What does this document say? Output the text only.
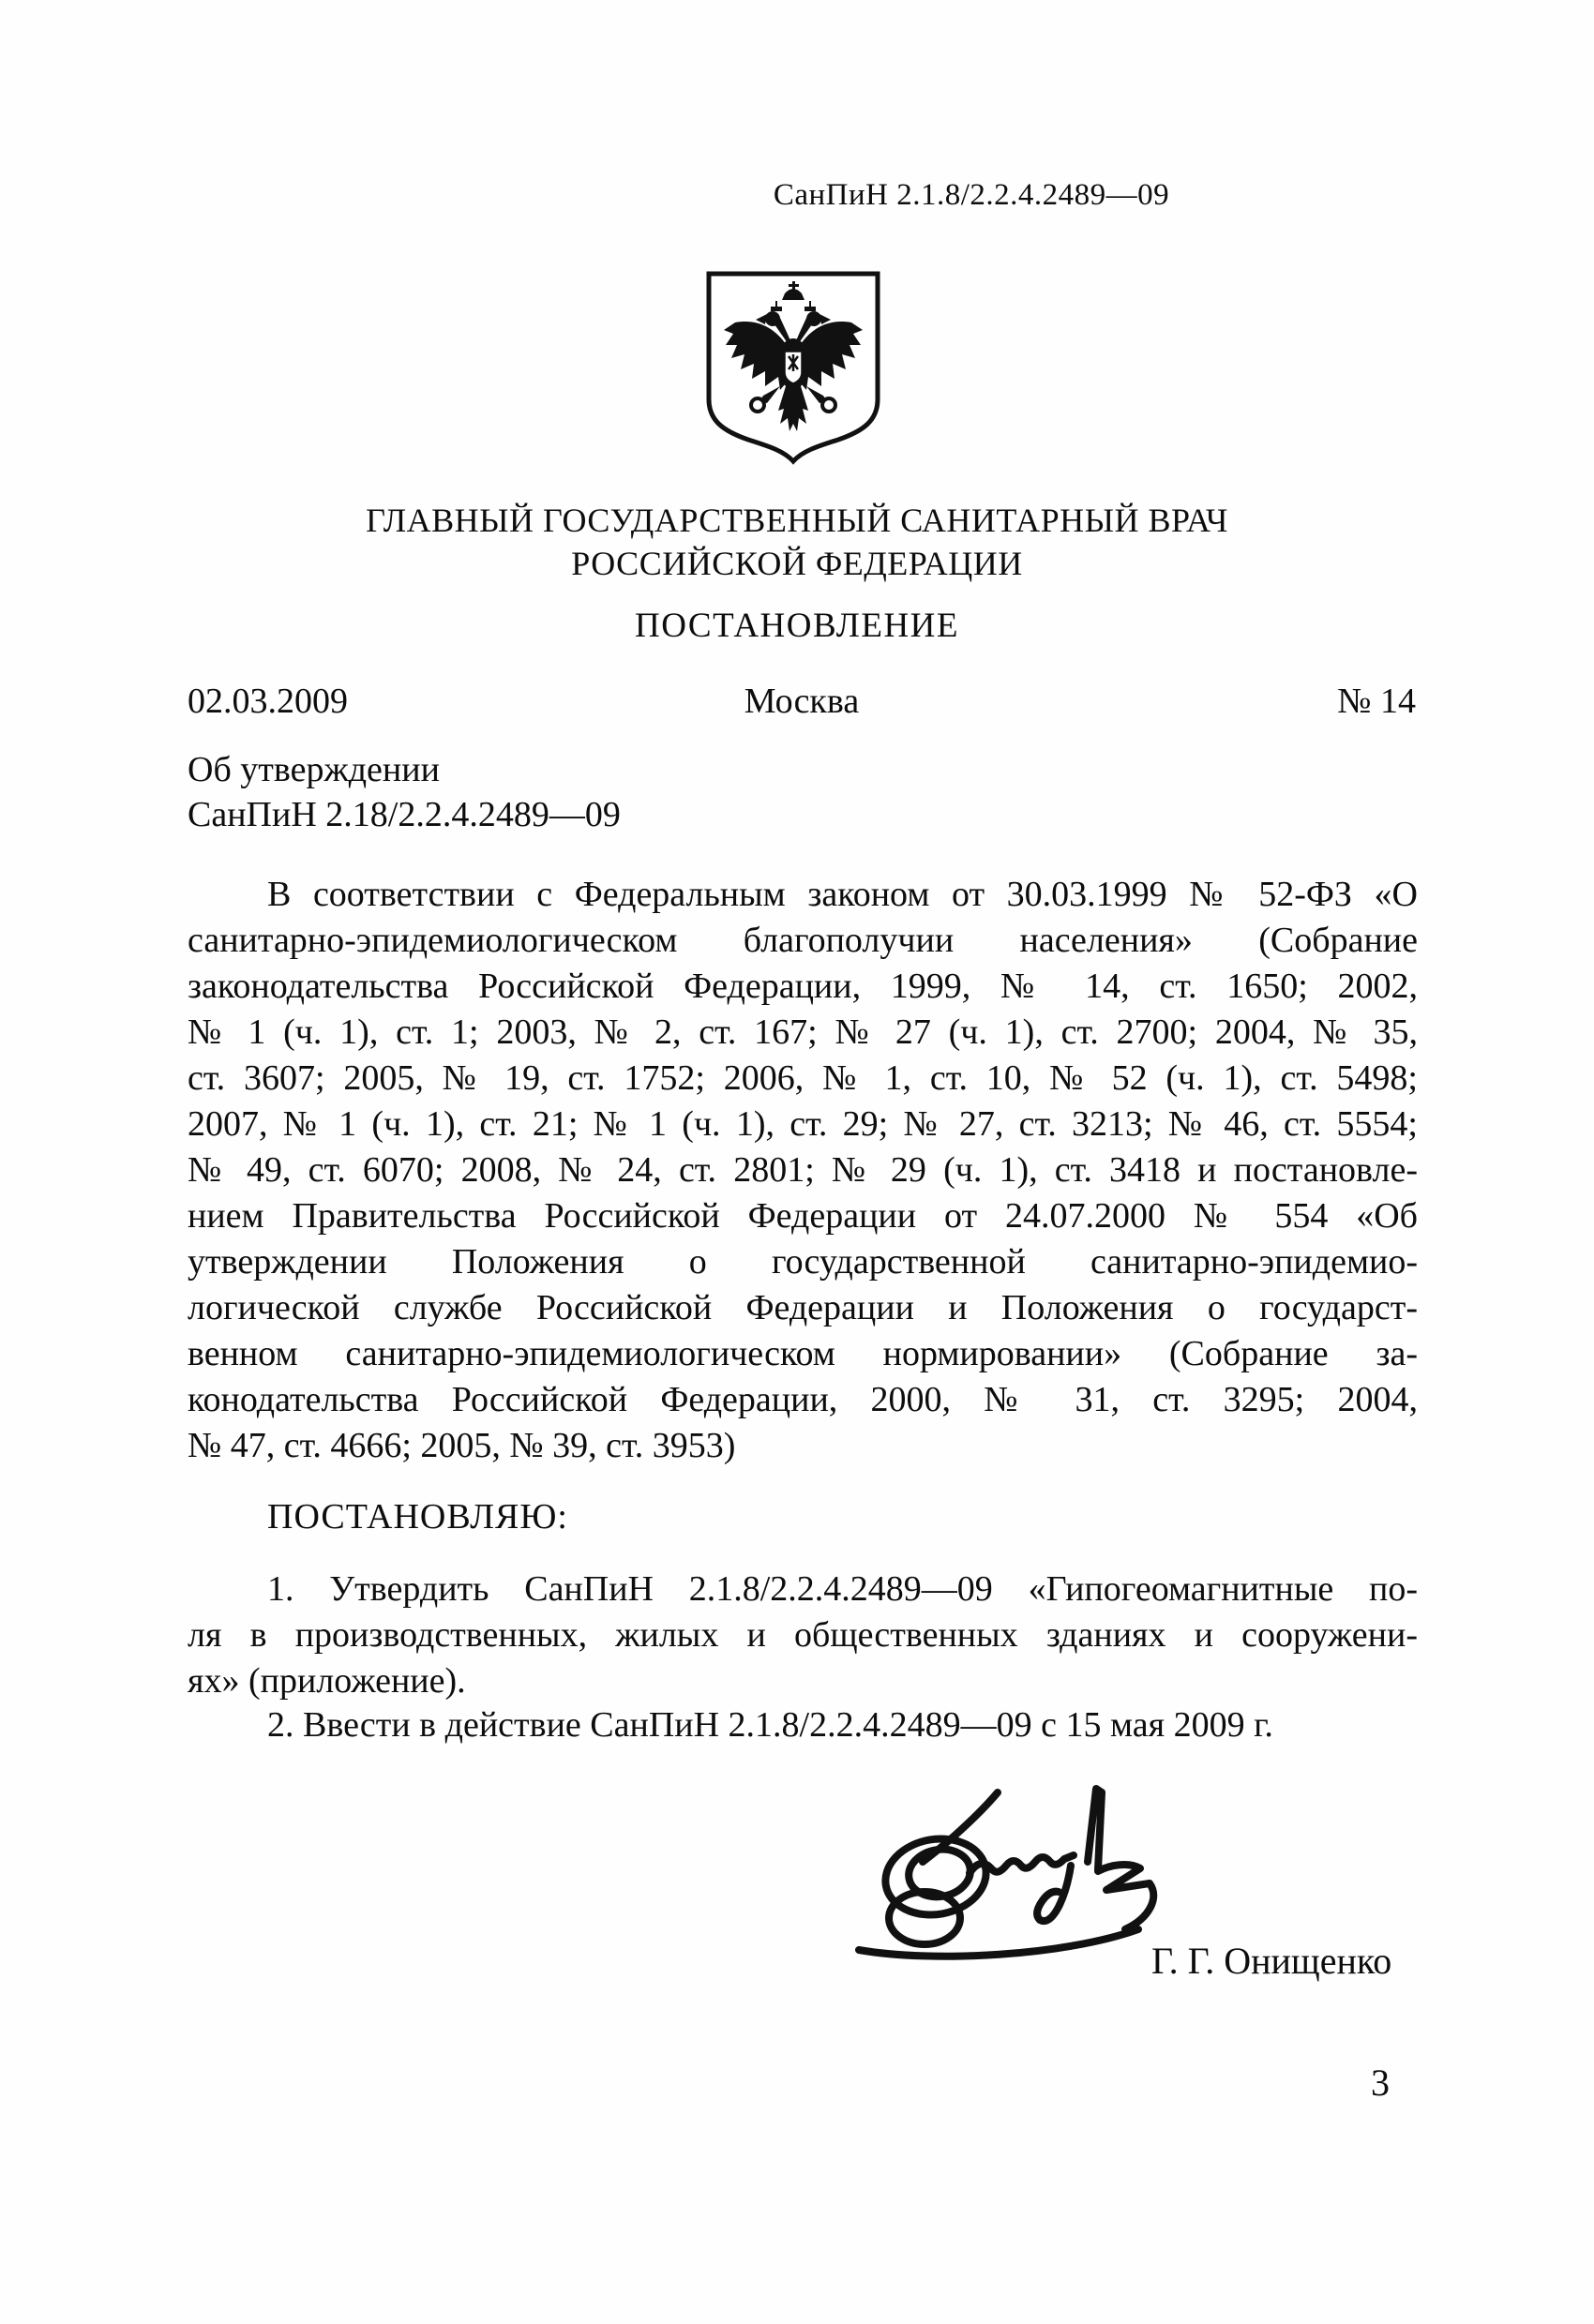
СанПиН 2.1.8/2.2.4.2489—09
ГЛАВНЫЙ ГОСУДАРСТВЕННЫЙ САНИТАРНЫЙ ВРАЧ
РОССИЙСКОЙ ФЕДЕРАЦИИ
ПОСТАНОВЛЕНИЕ
02.03.2009	Москва	№ 14
Об утверждении
СанПиН 2.18/2.2.4.2489—09
В соответствии с Федеральным законом от 30.03.1999 № 52-ФЗ «О
санитарно-эпидемиологическом благополучии населения» (Собрание
законодательства Российской Федерации, 1999, № 14, ст. 1650; 2002,
№ 1 (ч. 1), ст. 1; 2003, № 2, ст. 167; № 27 (ч. 1), ст. 2700; 2004, № 35,
ст. 3607; 2005, № 19, ст. 1752; 2006, № 1, ст. 10, № 52 (ч. 1), ст. 5498;
2007, № 1 (ч. 1), ст. 21; № 1 (ч. 1), ст. 29; № 27, ст. 3213; № 46, ст. 5554;
№ 49, ст. 6070; 2008, № 24, ст. 2801; № 29 (ч. 1), ст. 3418 и постановле-
нием Правительства Российской Федерации от 24.07.2000 № 554 «Об
утверждении Положения о государственной санитарно-эпидемио-
логической службе Российской Федерации и Положения о государст-
венном санитарно-эпидемиологическом нормировании» (Собрание за-
конодательства Российской Федерации, 2000, № 31, ст. 3295; 2004,
№ 47, ст. 4666; 2005, № 39, ст. 3953)
ПОСТАНОВЛЯЮ:
1. Утвердить СанПиН 2.1.8/2.2.4.2489—09 «Гипогеомагнитные по-
ля в производственных, жилых и общественных зданиях и сооружени-
ях» (приложение).
2. Ввести в действие СанПиН 2.1.8/2.2.4.2489—09 с 15 мая 2009 г.
Г. Г. Онищенко
3
